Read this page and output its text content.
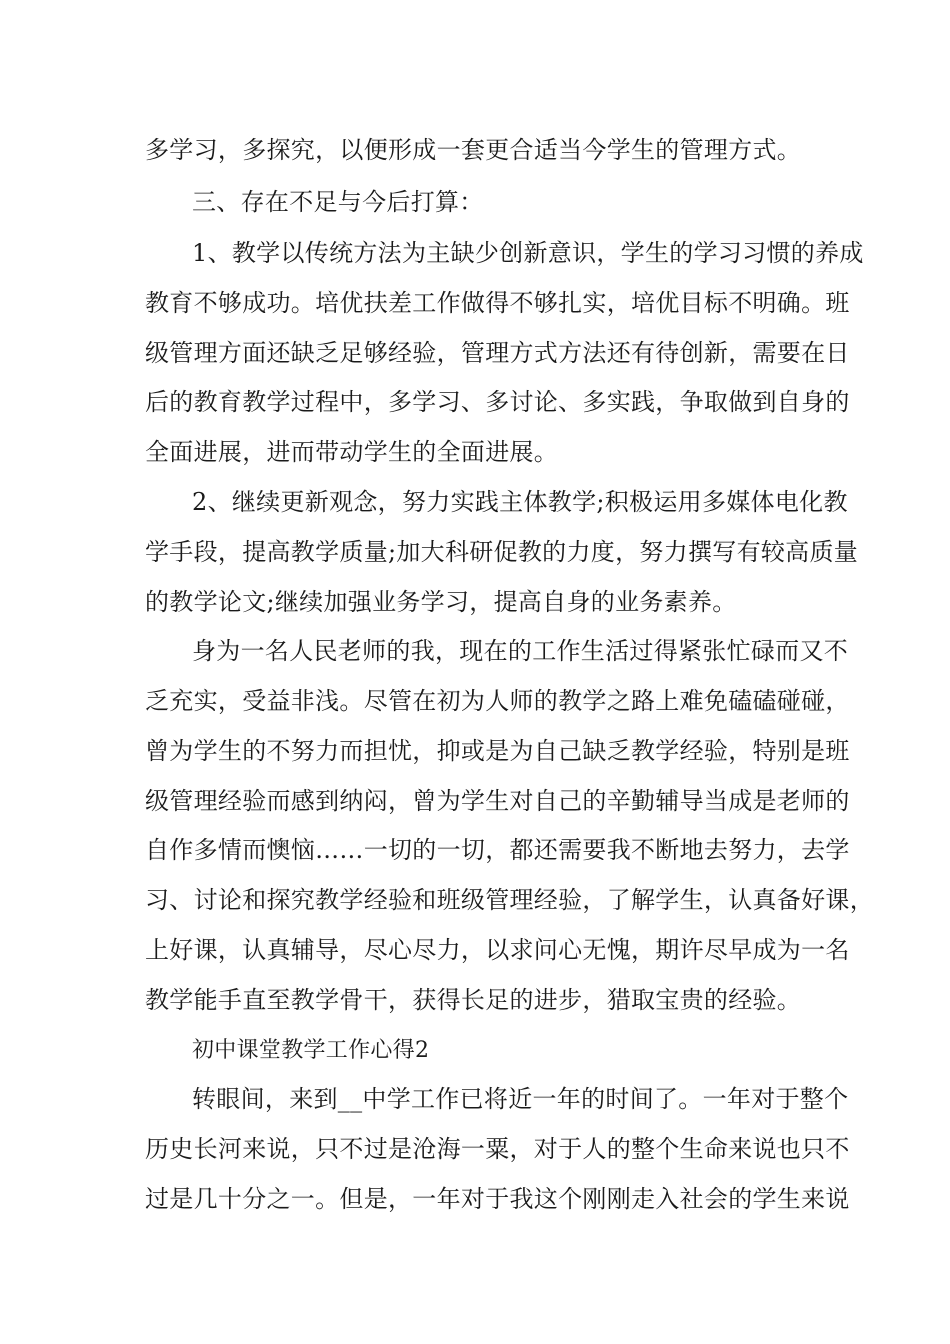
多学习，多探究，以便形成一套更合适当今学生的管理方式。
三、存在不足与今后打算：
1、教学以传统方法为主缺少创新意识，学生的学习习惯的养成
教育不够成功。培优扶差工作做得不够扎实，培优目标不明确。班
级管理方面还缺乏足够经验，管理方式方法还有待创新，需要在日
后的教育教学过程中，多学习、多讨论、多实践，争取做到自身的
全面进展，进而带动学生的全面进展。
2、继续更新观念，努力实践主体教学;积极运用多媒体电化教
学手段，提高教学质量;加大科研促教的力度，努力撰写有较高质量
的教学论文;继续加强业务学习，提高自身的业务素养。
身为一名人民老师的我，现在的工作生活过得紧张忙碌而又不
乏充实，受益非浅。尽管在初为人师的教学之路上难免磕磕碰碰，
曾为学生的不努力而担忧，抑或是为自己缺乏教学经验，特别是班
级管理经验而感到纳闷，曾为学生对自己的辛勤辅导当成是老师的
自作多情而懊恼……一切的一切，都还需要我不断地去努力，去学
习、讨论和探究教学经验和班级管理经验，了解学生，认真备好课，
上好课，认真辅导，尽心尽力，以求问心无愧，期许尽早成为一名
教学能手直至教学骨干，获得长足的进步，猎取宝贵的经验。
初中课堂教学工作心得2
转眼间，来到__中学工作已将近一年的时间了。一年对于整个
历史长河来说，只不过是沧海一粟，对于人的整个生命来说也只不
过是几十分之一。但是，一年对于我这个刚刚走入社会的学生来说
